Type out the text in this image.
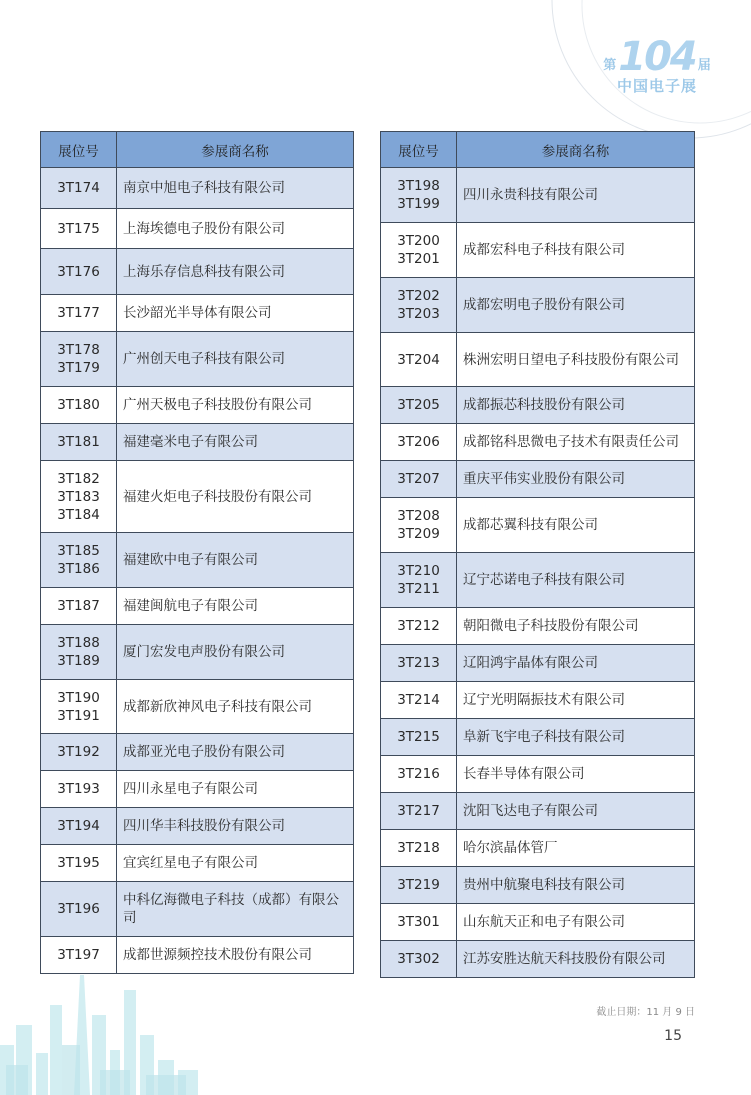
第 104 届
中国电子展
展位号	参展商名称
3T174	南京中旭电子科技有限公司
3T175	上海埃德电子股份有限公司
3T176	上海乐存信息科技有限公司
3T177	长沙韶光半导体有限公司
3T178
3T179	广州创天电子科技有限公司
3T180	广州天极电子科技股份有限公司
3T181	福建毫米电子有限公司
3T182
3T183
3T184	福建火炬电子科技股份有限公司
3T185
3T186	福建欧中电子有限公司
3T187	福建闽航电子有限公司
3T188
3T189	厦门宏发电声股份有限公司
3T190
3T191	成都新欣神风电子科技有限公司
3T192	成都亚光电子股份有限公司
3T193	四川永星电子有限公司
3T194	四川华丰科技股份有限公司
3T195	宜宾红星电子有限公司
3T196	中科亿海微电子科技（成都）有限公司
3T197	成都世源频控技术股份有限公司
展位号	参展商名称
3T198
3T199	四川永贵科技有限公司
3T200
3T201	成都宏科电子科技有限公司
3T202
3T203	成都宏明电子股份有限公司
3T204	株洲宏明日望电子科技股份有限公司
3T205	成都振芯科技股份有限公司
3T206	成都铭科思微电子技术有限责任公司
3T207	重庆平伟实业股份有限公司
3T208
3T209	成都芯翼科技有限公司
3T210
3T211	辽宁芯诺电子科技有限公司
3T212	朝阳微电子科技股份有限公司
3T213	辽阳鸿宇晶体有限公司
3T214	辽宁光明隔振技术有限公司
3T215	阜新飞宇电子科技有限公司
3T216	长春半导体有限公司
3T217	沈阳飞达电子有限公司
3T218	哈尔滨晶体管厂
3T219	贵州中航聚电科技有限公司
3T301	山东航天正和电子有限公司
3T302	江苏安胜达航天科技股份有限公司
截止日期：11 月 9 日
15
